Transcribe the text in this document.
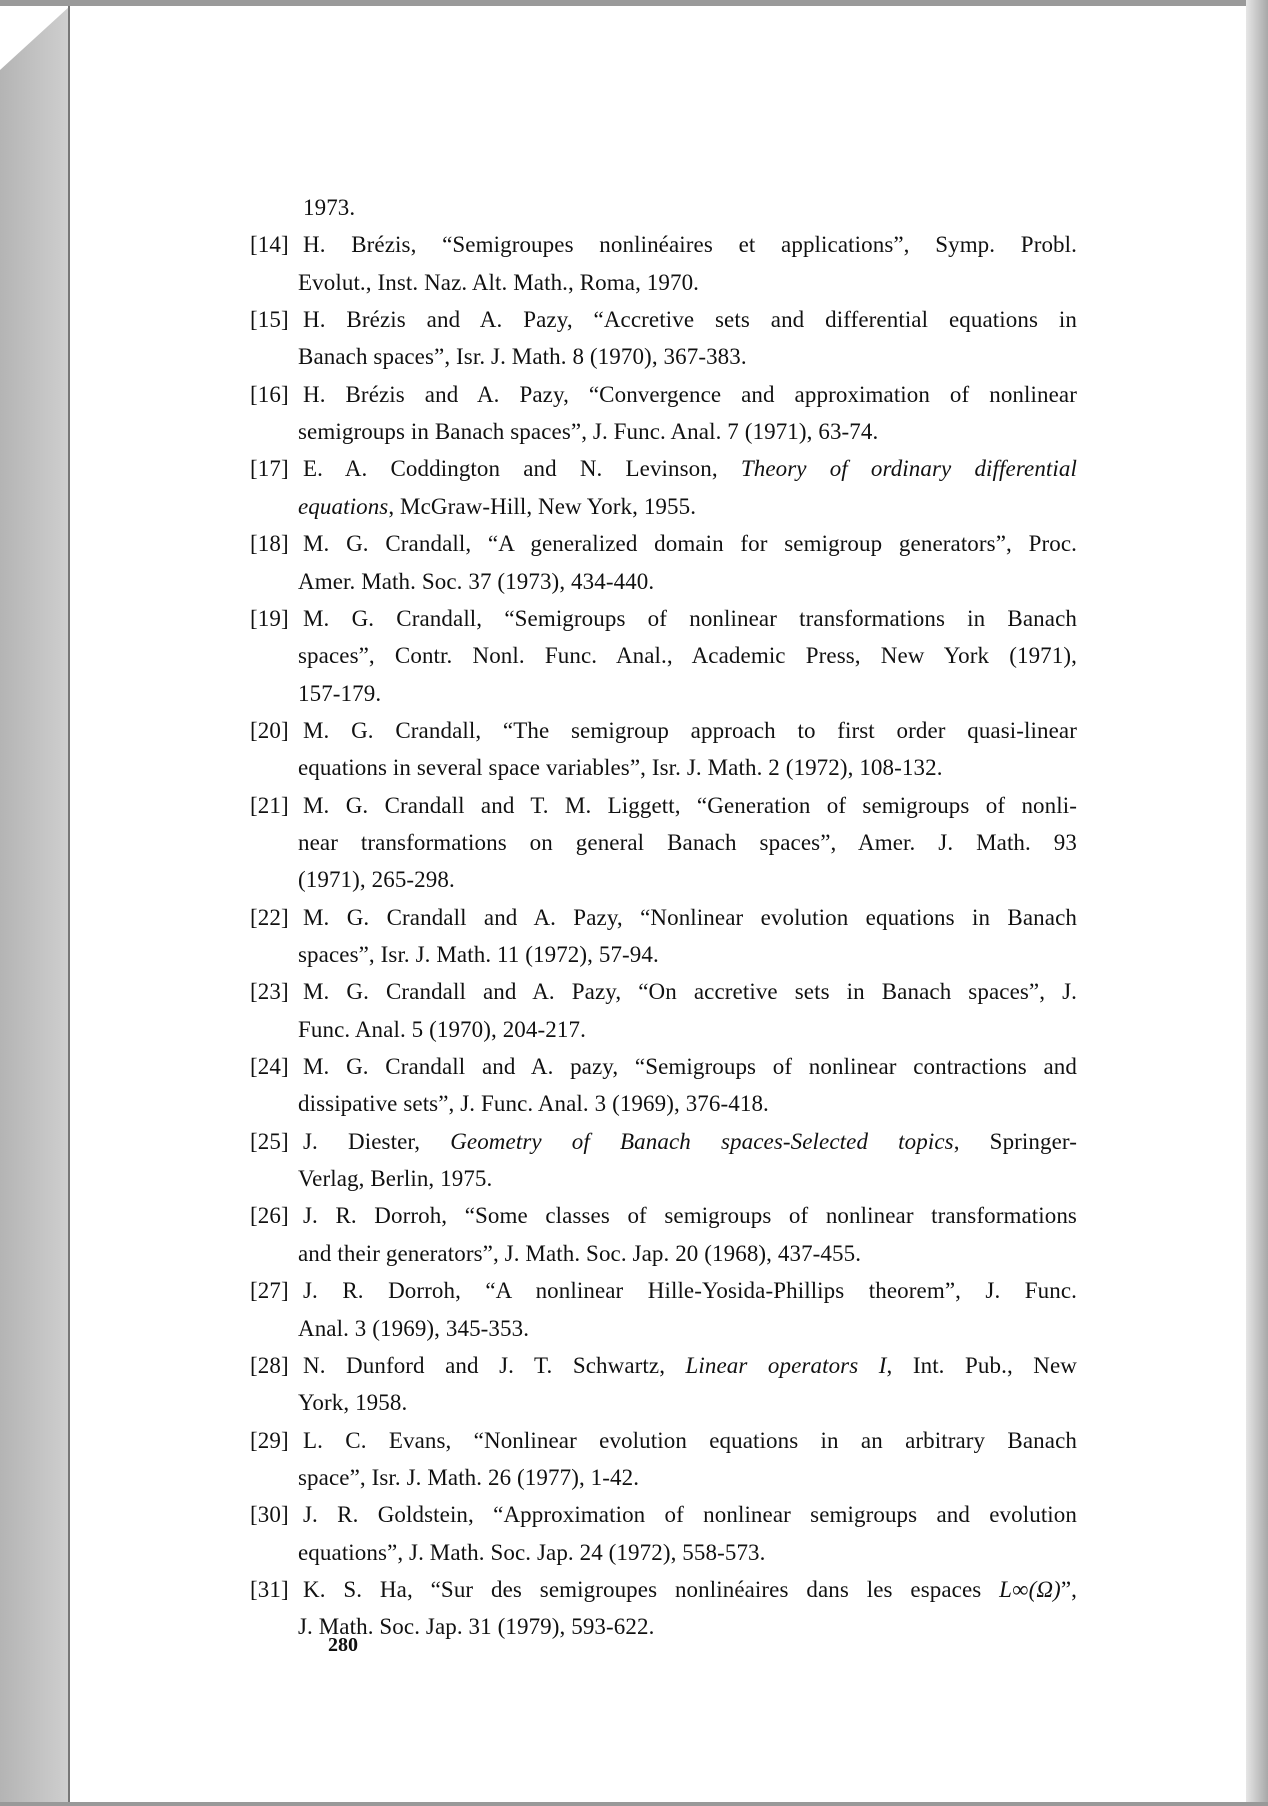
1973.
280
[14] H. Brézis, “Semigroupes nonlinéaires et applications”, Symp. Probl.
Evolut., Inst. Naz. Alt. Math., Roma, 1970.
[15] H. Brézis and A. Pazy, “Accretive sets and differential equations in
Banach spaces”, Isr. J. Math. 8 (1970), 367-383.
[16] H. Brézis and A. Pazy, “Convergence and approximation of nonlinear
semigroups in Banach spaces”, J. Func. Anal. 7 (1971), 63-74.
[17] E. A. Coddington and N. Levinson, Theory of ordinary differential
equations, McGraw-Hill, New York, 1955.
[18] M. G. Crandall, “A generalized domain for semigroup generators”, Proc.
Amer. Math. Soc. 37 (1973), 434-440.
[19] M. G. Crandall, “Semigroups of nonlinear transformations in Banach
spaces”, Contr. Nonl. Func. Anal., Academic Press, New York (1971),
157-179.
[20] M. G. Crandall, “The semigroup approach to first order quasi-linear
equations in several space variables”, Isr. J. Math. 2 (1972), 108-132.
[21] M. G. Crandall and T. M. Liggett, “Generation of semigroups of nonli-
near transformations on general Banach spaces”, Amer. J. Math. 93
(1971), 265-298.
[22] M. G. Crandall and A. Pazy, “Nonlinear evolution equations in Banach
spaces”, Isr. J. Math. 11 (1972), 57-94.
[23] M. G. Crandall and A. Pazy, “On accretive sets in Banach spaces”, J.
Func. Anal. 5 (1970), 204-217.
[24] M. G. Crandall and A. pazy, “Semigroups of nonlinear contractions and
dissipative sets”, J. Func. Anal. 3 (1969), 376-418.
[25] J. Diester, Geometry of Banach spaces-Selected topics, Springer-
Verlag, Berlin, 1975.
[26] J. R. Dorroh, “Some classes of semigroups of nonlinear transformations
and their generators”, J. Math. Soc. Jap. 20 (1968), 437-455.
[27] J. R. Dorroh, “A nonlinear Hille-Yosida-Phillips theorem”, J. Func.
Anal. 3 (1969), 345-353.
[28] N. Dunford and J. T. Schwartz, Linear operators I, Int. Pub., New
York, 1958.
[29] L. C. Evans, “Nonlinear evolution equations in an arbitrary Banach
space”, Isr. J. Math. 26 (1977), 1-42.
[30] J. R. Goldstein, “Approximation of nonlinear semigroups and evolution
equations”, J. Math. Soc. Jap. 24 (1972), 558-573.
[31] K. S. Ha, “Sur des semigroupes nonlinéaires dans les espaces L∞(Ω)”,
J. Math. Soc. Jap. 31 (1979), 593-622.
